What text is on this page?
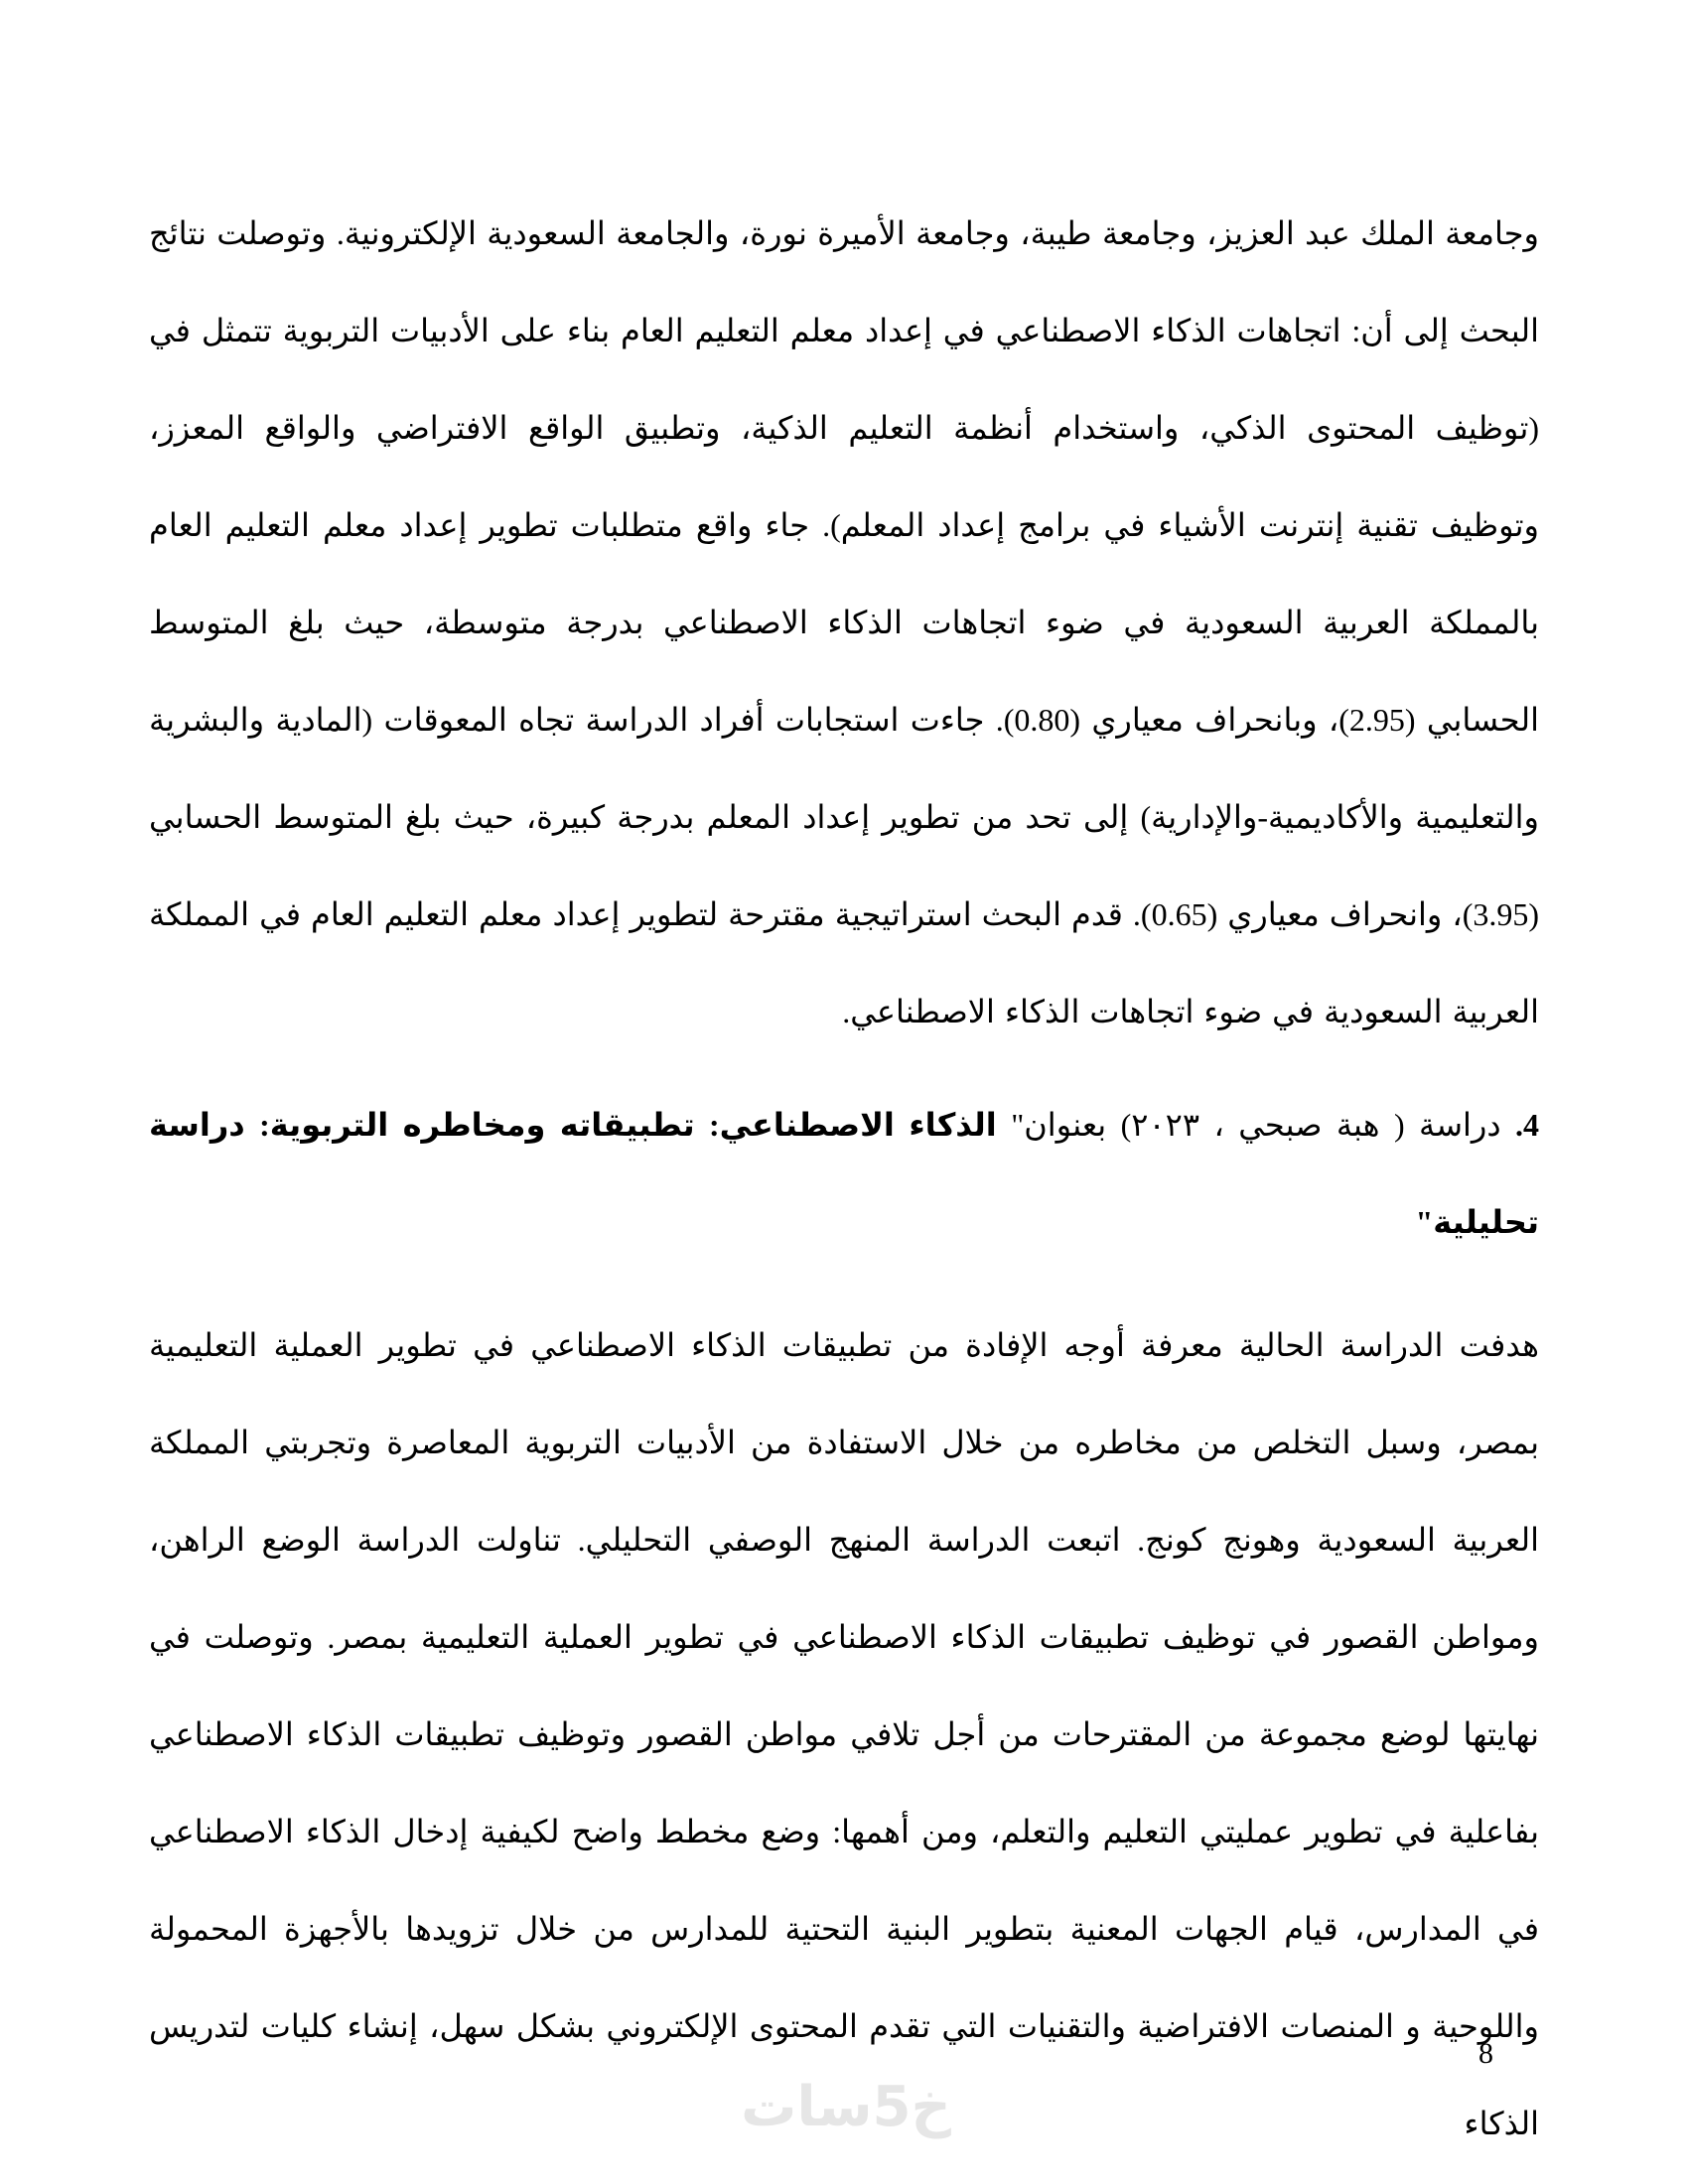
وجامعة الملك عبد العزيز، وجامعة طيبة، وجامعة الأميرة نورة، والجامعة السعودية الإلكترونية. وتوصلت نتائج البحث إلى أن: اتجاهات الذكاء الاصطناعي في إعداد معلم التعليم العام بناء على الأدبيات التربوية تتمثل في (توظيف المحتوى الذكي، واستخدام أنظمة التعليم الذكية، وتطبيق الواقع الافتراضي والواقع المعزز، وتوظيف تقنية إنترنت الأشياء في برامج إعداد المعلم). جاء واقع متطلبات تطوير إعداد معلم التعليم العام بالمملكة العربية السعودية في ضوء اتجاهات الذكاء الاصطناعي بدرجة متوسطة، حيث بلغ المتوسط الحسابي (2.95)، وبانحراف معياري (0.80). جاءت استجابات أفراد الدراسة تجاه المعوقات (المادية والبشرية والتعليمية والأكاديمية-والإدارية) إلى تحد من تطوير إعداد المعلم بدرجة كبيرة، حيث بلغ المتوسط الحسابي (3.95)، وانحراف معياري (0.65). قدم البحث استراتيجية مقترحة لتطوير إعداد معلم التعليم العام في المملكة العربية السعودية في ضوء اتجاهات الذكاء الاصطناعي.

4. دراسة ( هبة صبحي ، ٢٠٢٣) بعنوان" الذكاء الاصطناعي: تطبيقاته ومخاطره التربوية: دراسة تحليلية"

هدفت الدراسة الحالية معرفة أوجه الإفادة من تطبيقات الذكاء الاصطناعي في تطوير العملية التعليمية بمصر، وسبل التخلص من مخاطره من خلال الاستفادة من الأدبيات التربوية المعاصرة وتجربتي المملكة العربية السعودية وهونج كونج. اتبعت الدراسة المنهج الوصفي التحليلي. تناولت الدراسة الوضع الراهن، ومواطن القصور في توظيف تطبيقات الذكاء الاصطناعي في تطوير العملية التعليمية بمصر. وتوصلت في نهايتها لوضع مجموعة من المقترحات من أجل تلافي مواطن القصور وتوظيف تطبيقات الذكاء الاصطناعي بفاعلية في تطوير عمليتي التعليم والتعلم، ومن أهمها: وضع مخطط واضح لكيفية إدخال الذكاء الاصطناعي في المدارس، قيام الجهات المعنية بتطوير البنية التحتية للمدارس من خلال تزويدها بالأجهزة المحمولة واللوحية و المنصات الافتراضية والتقنيات التي تقدم المحتوى الإلكتروني بشكل سهل، إنشاء كليات لتدريس الذكاء

8
خ5سات
